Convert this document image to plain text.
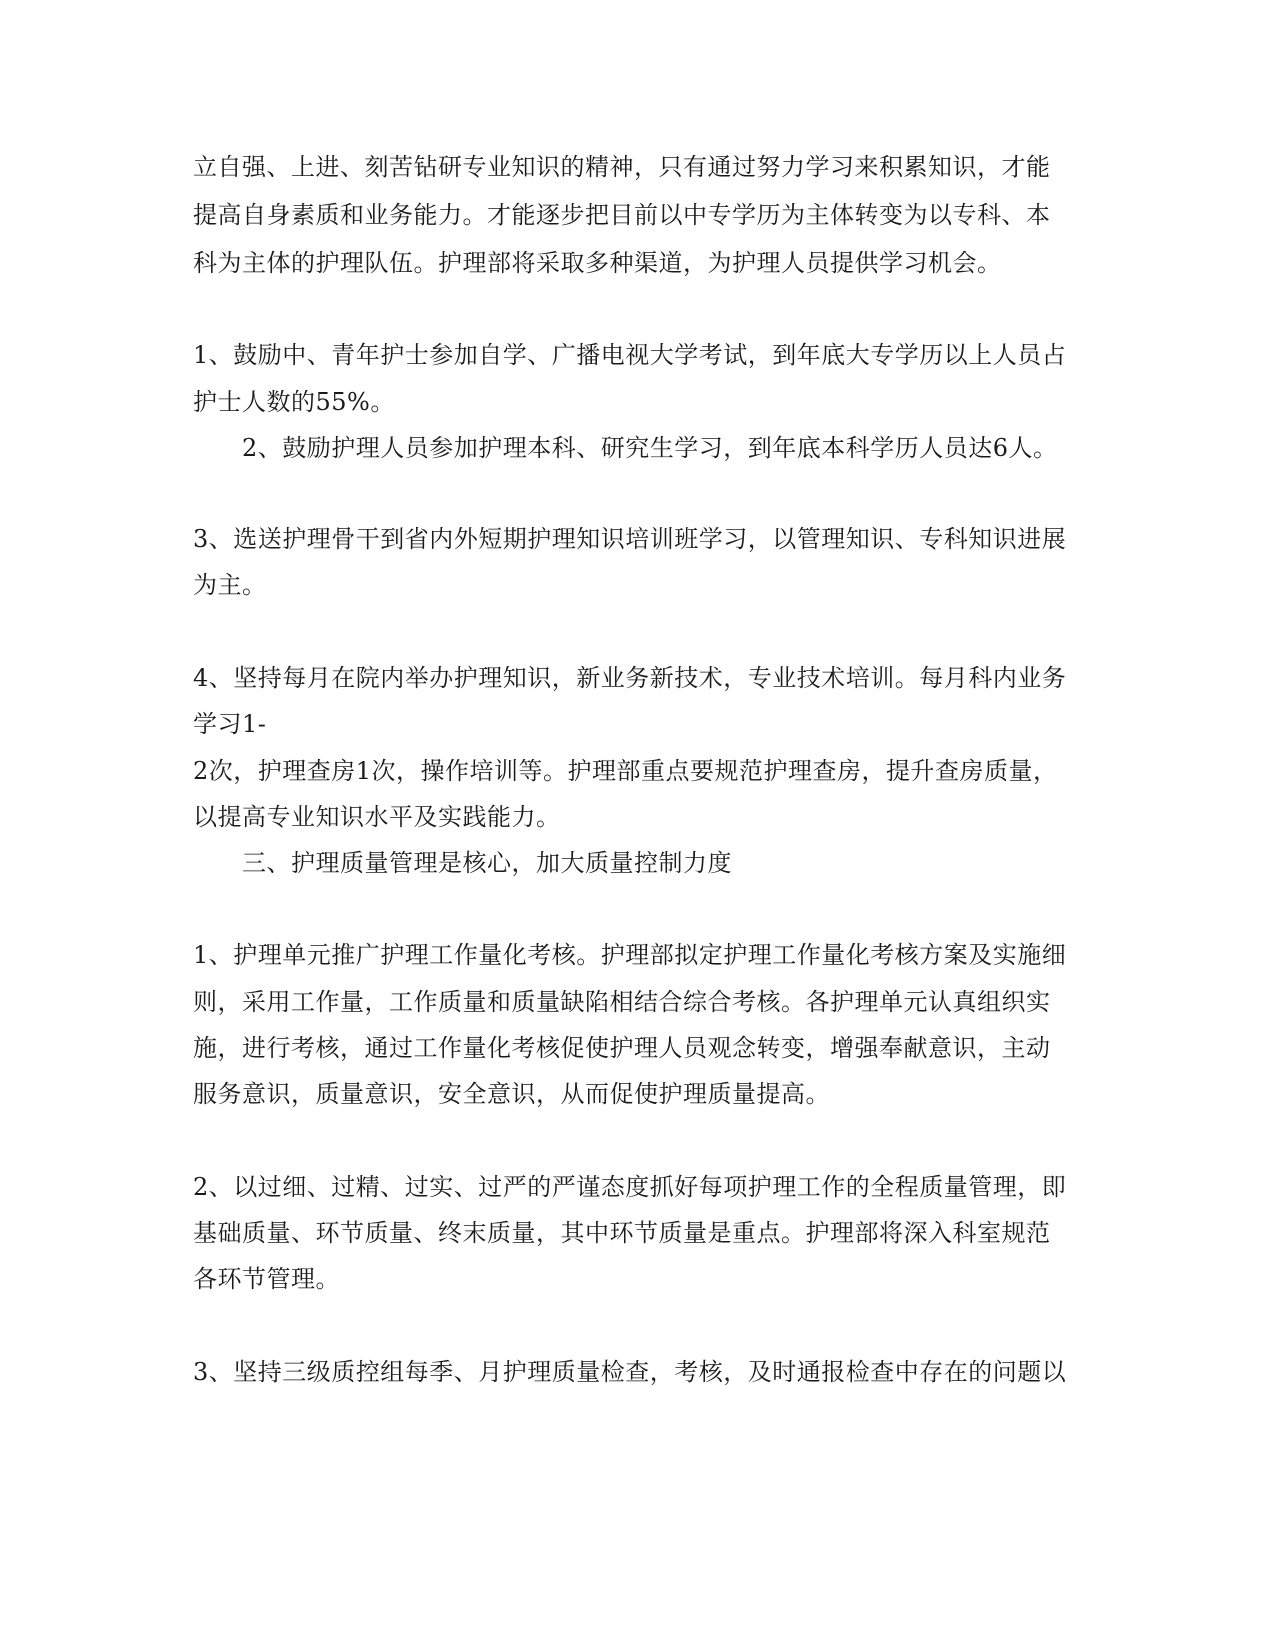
立自强、上进、刻苦钻研专业知识的精神，只有通过努力学习来积累知识，才能

提高自身素质和业务能力。才能逐步把目前以中专学历为主体转变为以专科、本

科为主体的护理队伍。护理部将采取多种渠道，为护理人员提供学习机会。

1、鼓励中、青年护士参加自学、广播电视大学考试，到年底大专学历以上人员占

护士人数的55%。

2、鼓励护理人员参加护理本科、研究生学习，到年底本科学历人员达6人。

3、选送护理骨干到省内外短期护理知识培训班学习，以管理知识、专科知识进展

为主。

4、坚持每月在院内举办护理知识，新业务新技术，专业技术培训。每月科内业务

学习1-

2次，护理查房1次，操作培训等。护理部重点要规范护理查房，提升查房质量，

以提高专业知识水平及实践能力。

三、护理质量管理是核心，加大质量控制力度

1、护理单元推广护理工作量化考核。护理部拟定护理工作量化考核方案及实施细

则，采用工作量，工作质量和质量缺陷相结合综合考核。各护理单元认真组织实

施，进行考核，通过工作量化考核促使护理人员观念转变，增强奉献意识，主动

服务意识，质量意识，安全意识，从而促使护理质量提高。

2、以过细、过精、过实、过严的严谨态度抓好每项护理工作的全程质量管理，即

基础质量、环节质量、终末质量，其中环节质量是重点。护理部将深入科室规范

各环节管理。

3、坚持三级质控组每季、月护理质量检查，考核，及时通报检查中存在的问题以
